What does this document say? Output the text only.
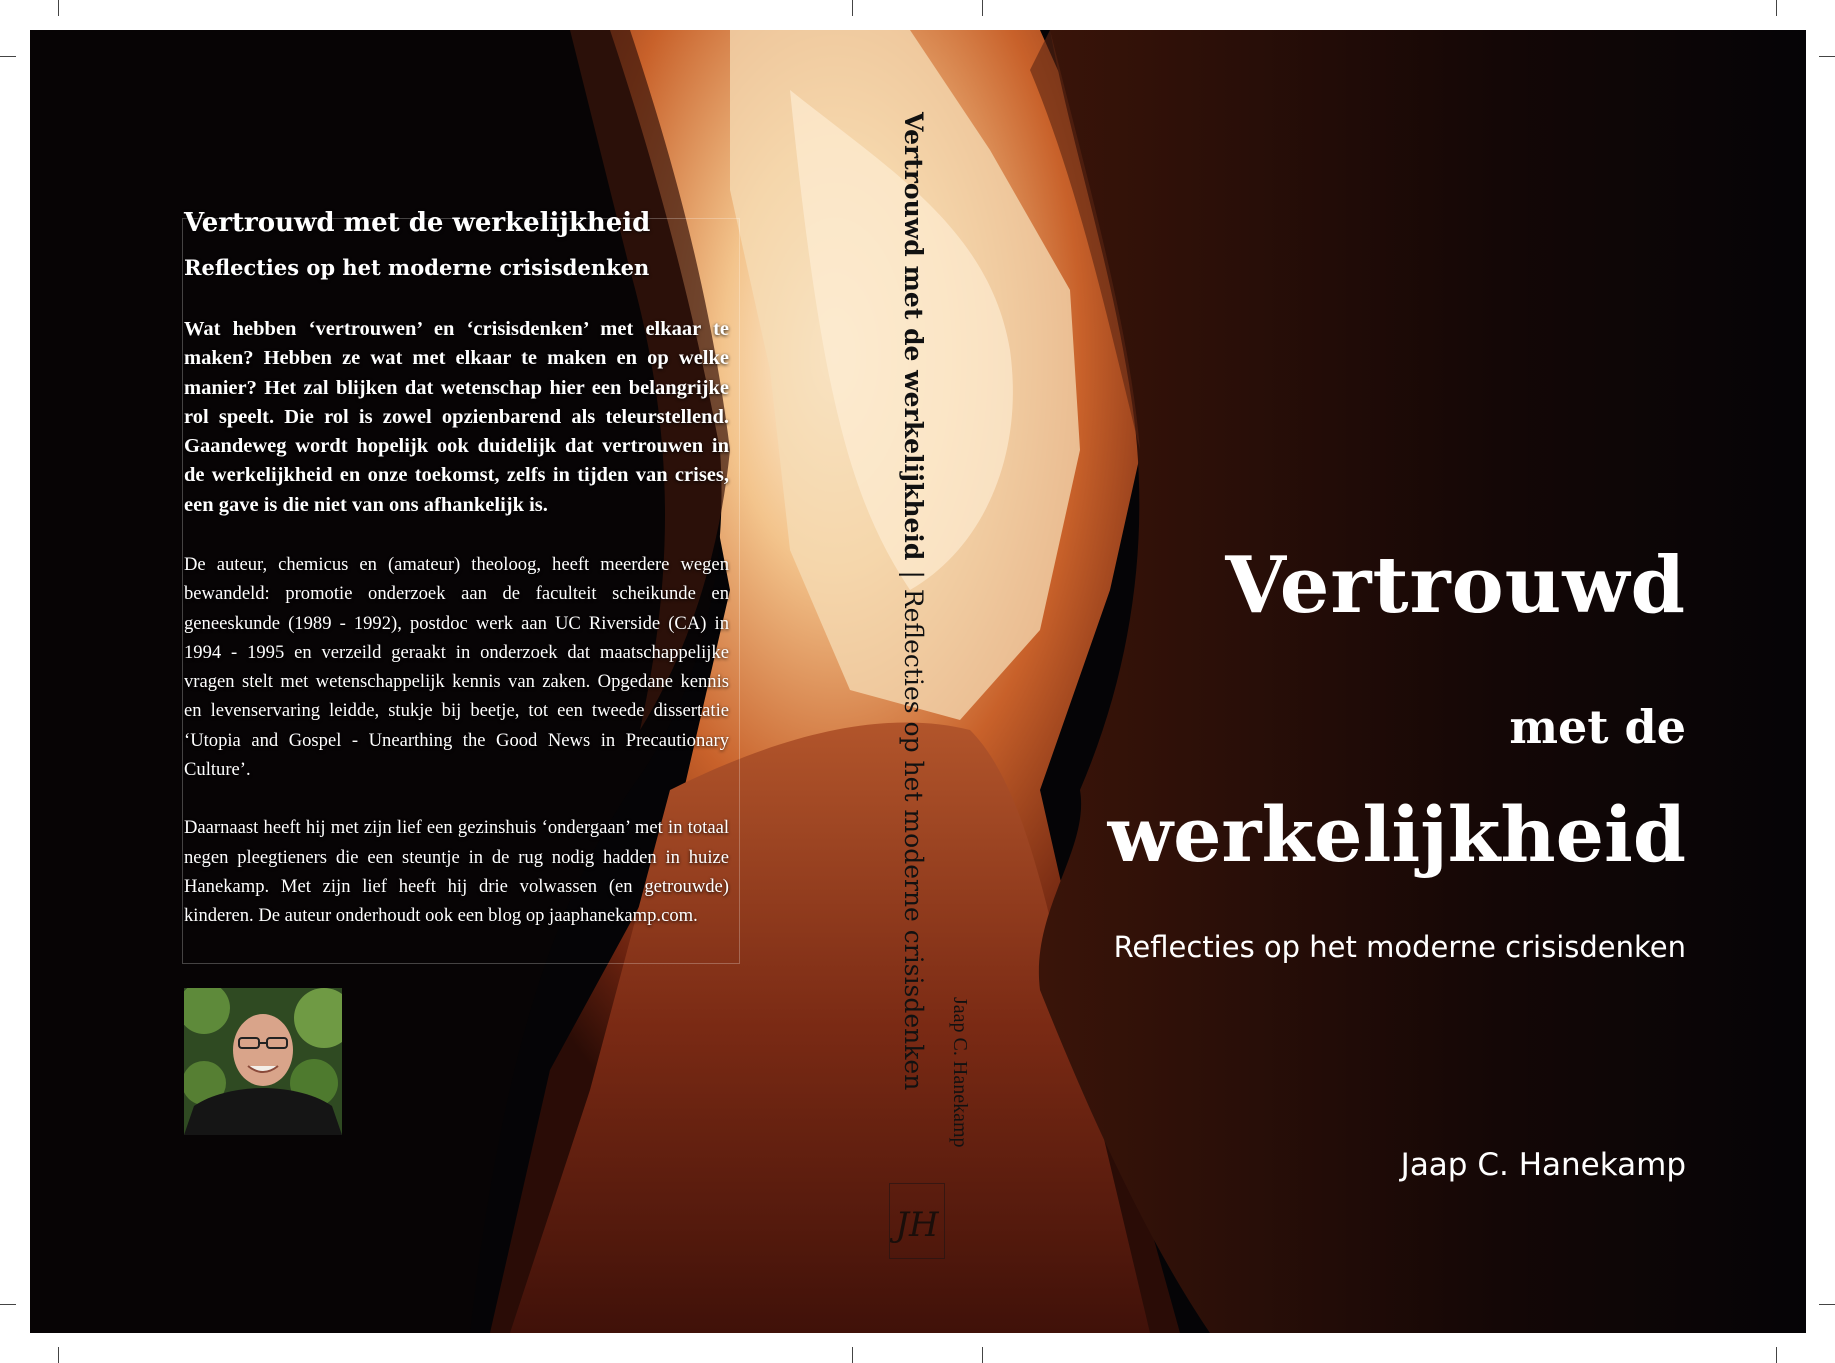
Vertrouwd met de werkelijkheid
Reflecties op het moderne crisisdenken

Wat hebben ‘vertrouwen’ en ‘crisisdenken’ met elkaar te maken? Hebben ze wat met elkaar te maken en op welke manier? Het zal blijken dat wetenschap hier een belangrijke rol speelt. Die rol is zowel opzienbarend als teleurstellend. Gaandeweg wordt hopelijk ook duidelijk dat vertrouwen in de werkelijkheid en onze toekomst, zelfs in tijden van crises, een gave is die niet van ons afhankelijk is.

De auteur, chemicus en (amateur) theoloog, heeft meerdere wegen bewandeld: promotie onderzoek aan de faculteit scheikunde en geneeskunde (1989 - 1992), postdoc werk aan UC Riverside (CA) in 1994 - 1995 en verzeild geraakt in onderzoek dat maatschappelijke vragen stelt met wetenschappelijk kennis van zaken. Opgedane kennis en levenservaring leidde, stukje bij beetje, tot een tweede dissertatie ‘Utopia and Gospel - Unearthing the Good News in Precautionary Culture’.

Daarnaast heeft hij met zijn lief een gezinshuis ‘ondergaan’ met in totaal negen pleegtieners die een steuntje in de rug nodig hadden in huize Hanekamp. Met zijn lief heeft hij drie volwassen (en getrouwde) kinderen. De auteur onderhoudt ook een blog op jaaphanekamp.com.

Vertrouwd met de werkelijkheid|Reflecties op het moderne crisisdenken Jaap C. Hanekamp
JH
Vertrouwd
met de
werkelijkheid
Reflecties op het moderne crisisdenken
Jaap C. Hanekamp
